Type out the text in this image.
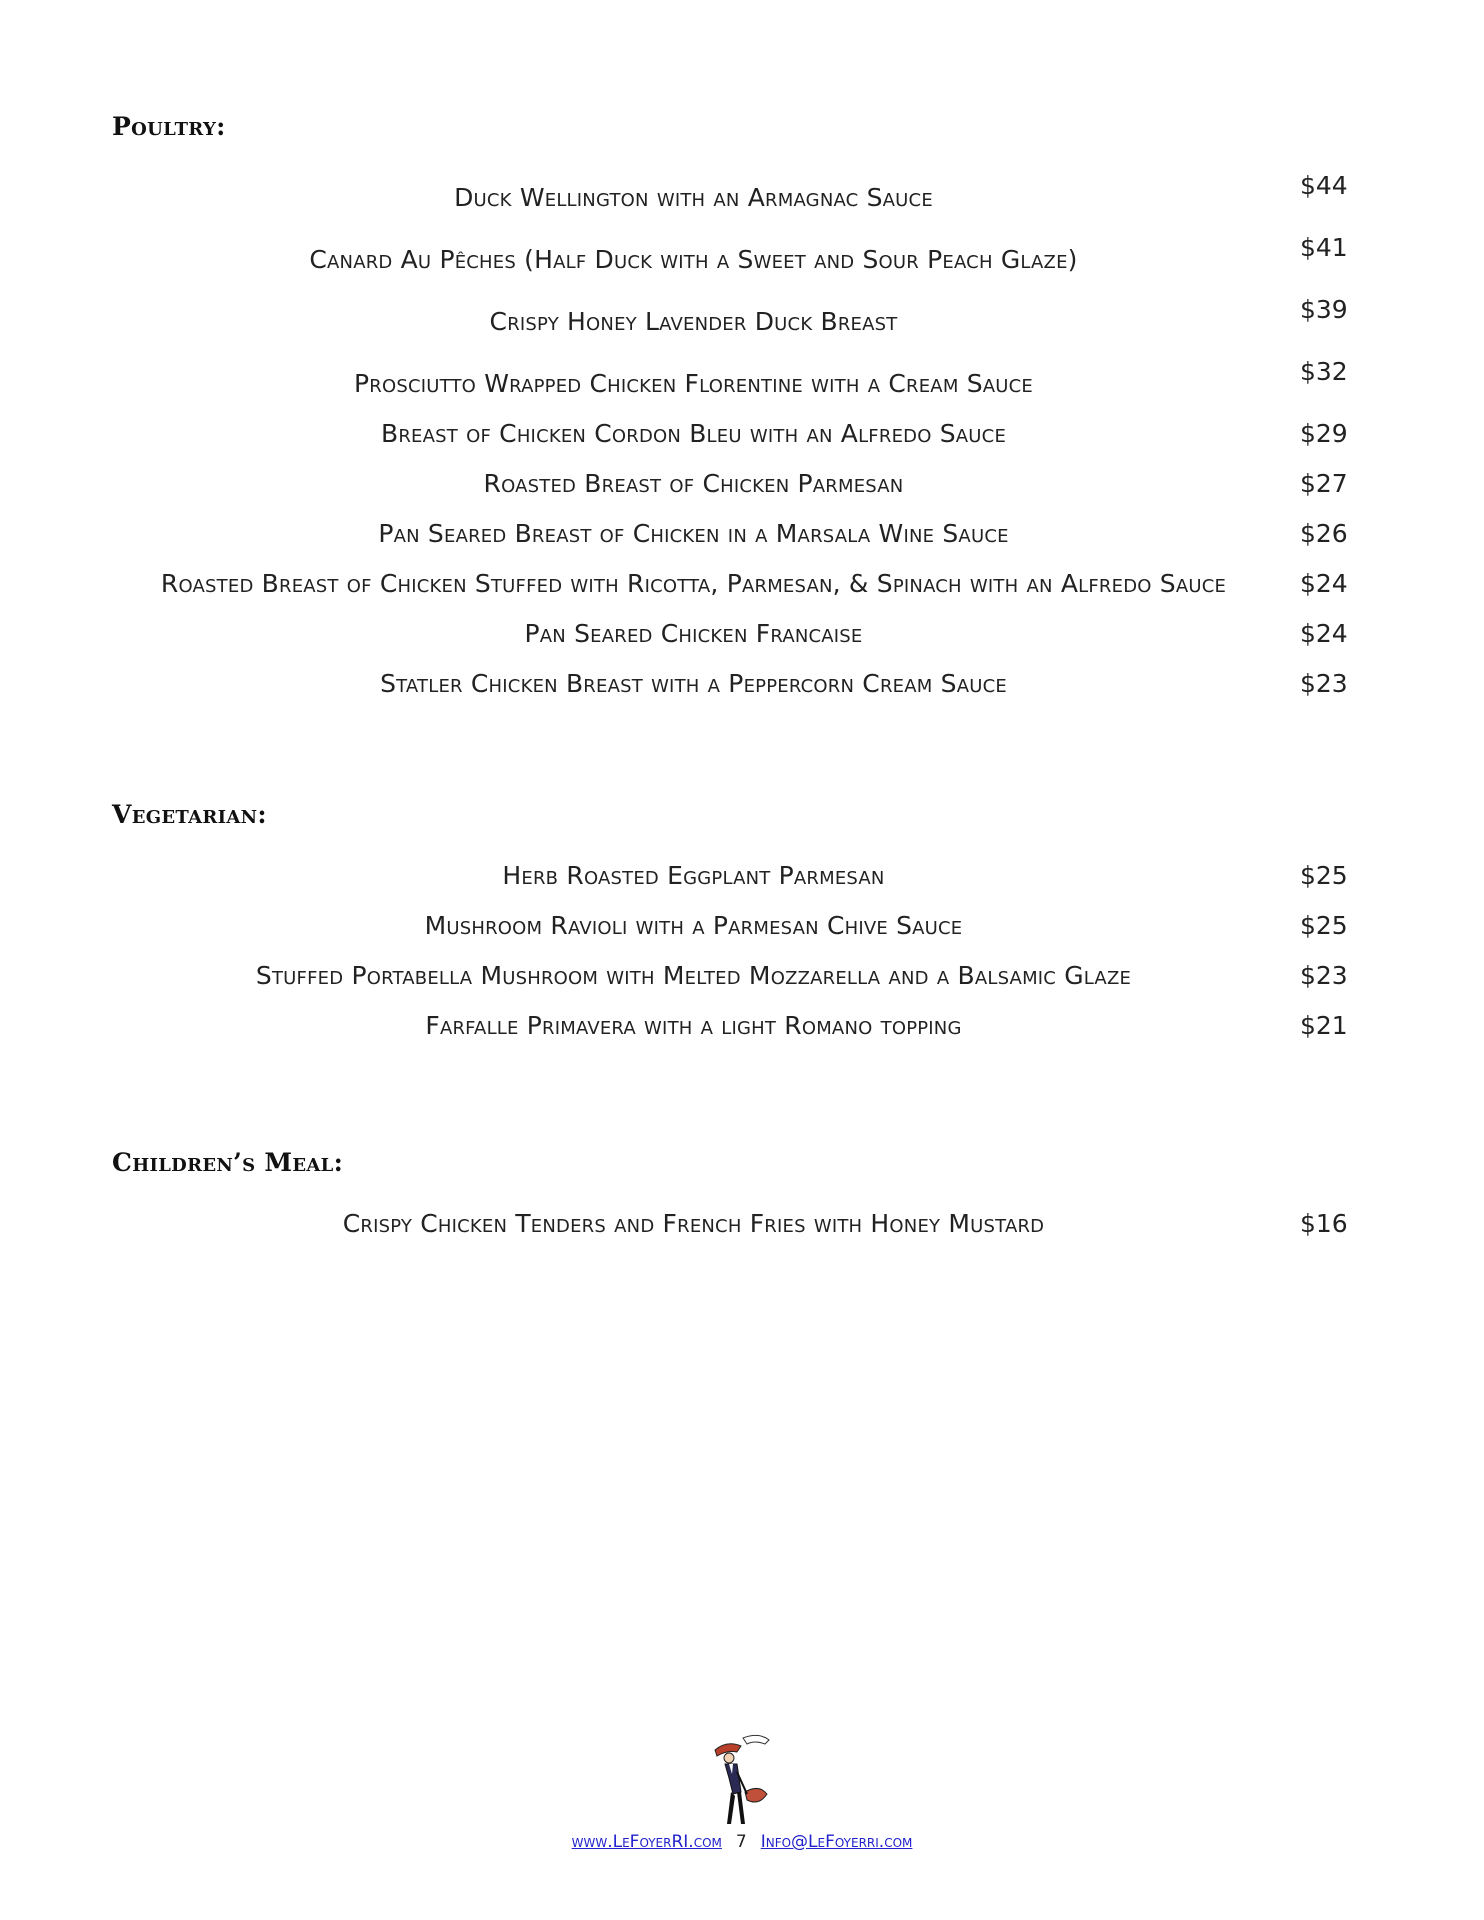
Poultry:
Duck Wellington with an Armagnac Sauce	$44
Canard Au Pêches (Half Duck with a Sweet and Sour Peach Glaze)	$41
Crispy Honey Lavender Duck Breast	$39
Prosciutto Wrapped Chicken Florentine with a Cream Sauce	$32
Breast of Chicken Cordon Bleu with an Alfredo Sauce	$29
Roasted Breast of Chicken Parmesan	$27
Pan Seared Breast of Chicken in a Marsala Wine Sauce	$26
Roasted Breast of Chicken Stuffed with Ricotta, Parmesan, & Spinach with an Alfredo Sauce	$24
Pan Seared Chicken Francaise	$24
Statler Chicken Breast with a Peppercorn Cream Sauce	$23
Vegetarian:
Herb Roasted Eggplant Parmesan	$25
Mushroom Ravioli with a Parmesan Chive Sauce	$25
Stuffed Portabella Mushroom with Melted Mozzarella and a Balsamic Glaze	$23
Farfalle Primavera with a light Romano topping	$21
Children’s Meal:
Crispy Chicken Tenders and French Fries with Honey Mustard	$16
www.LeFoyerRI.com 7 Info@LeFoyerri.com
